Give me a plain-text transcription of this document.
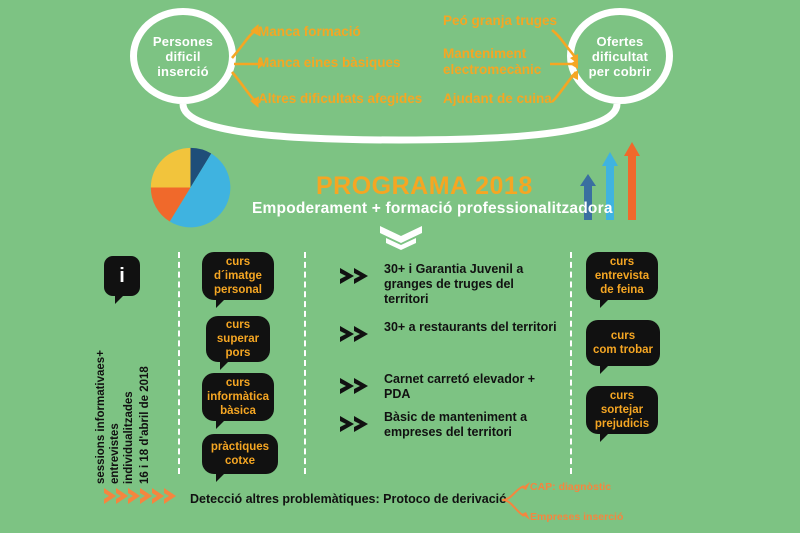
Persones
dificil
inserció
Ofertes
dificultat
per cobrir
Manca formació
Manca eines bàsiques
Altres dificultats afegides
Peó granja truges
Manteniment electromecànic
Ajudant de cuina
PROGRAMA 2018
Empoderament + formació professionalitzadora
i
sessions informativaes+ entrevistes individualitzades 16 i 18 d'abril de 2018
curs
d´imatge
personal
curs
superar
pors
curs
informàtica
bàsica
pràctiques
cotxe
30+ i Garantia Juvenil a granges de truges del territori
30+ a restaurants del territori
Carnet carretó elevador + PDA
Bàsic de manteniment a empreses del territori
curs
entrevista
de feina
curs
com trobar
curs
sortejar
prejudicis
Detecció altres problemàtiques: Protoco de derivació
CAP: diagnòstic
Empreses inserció
